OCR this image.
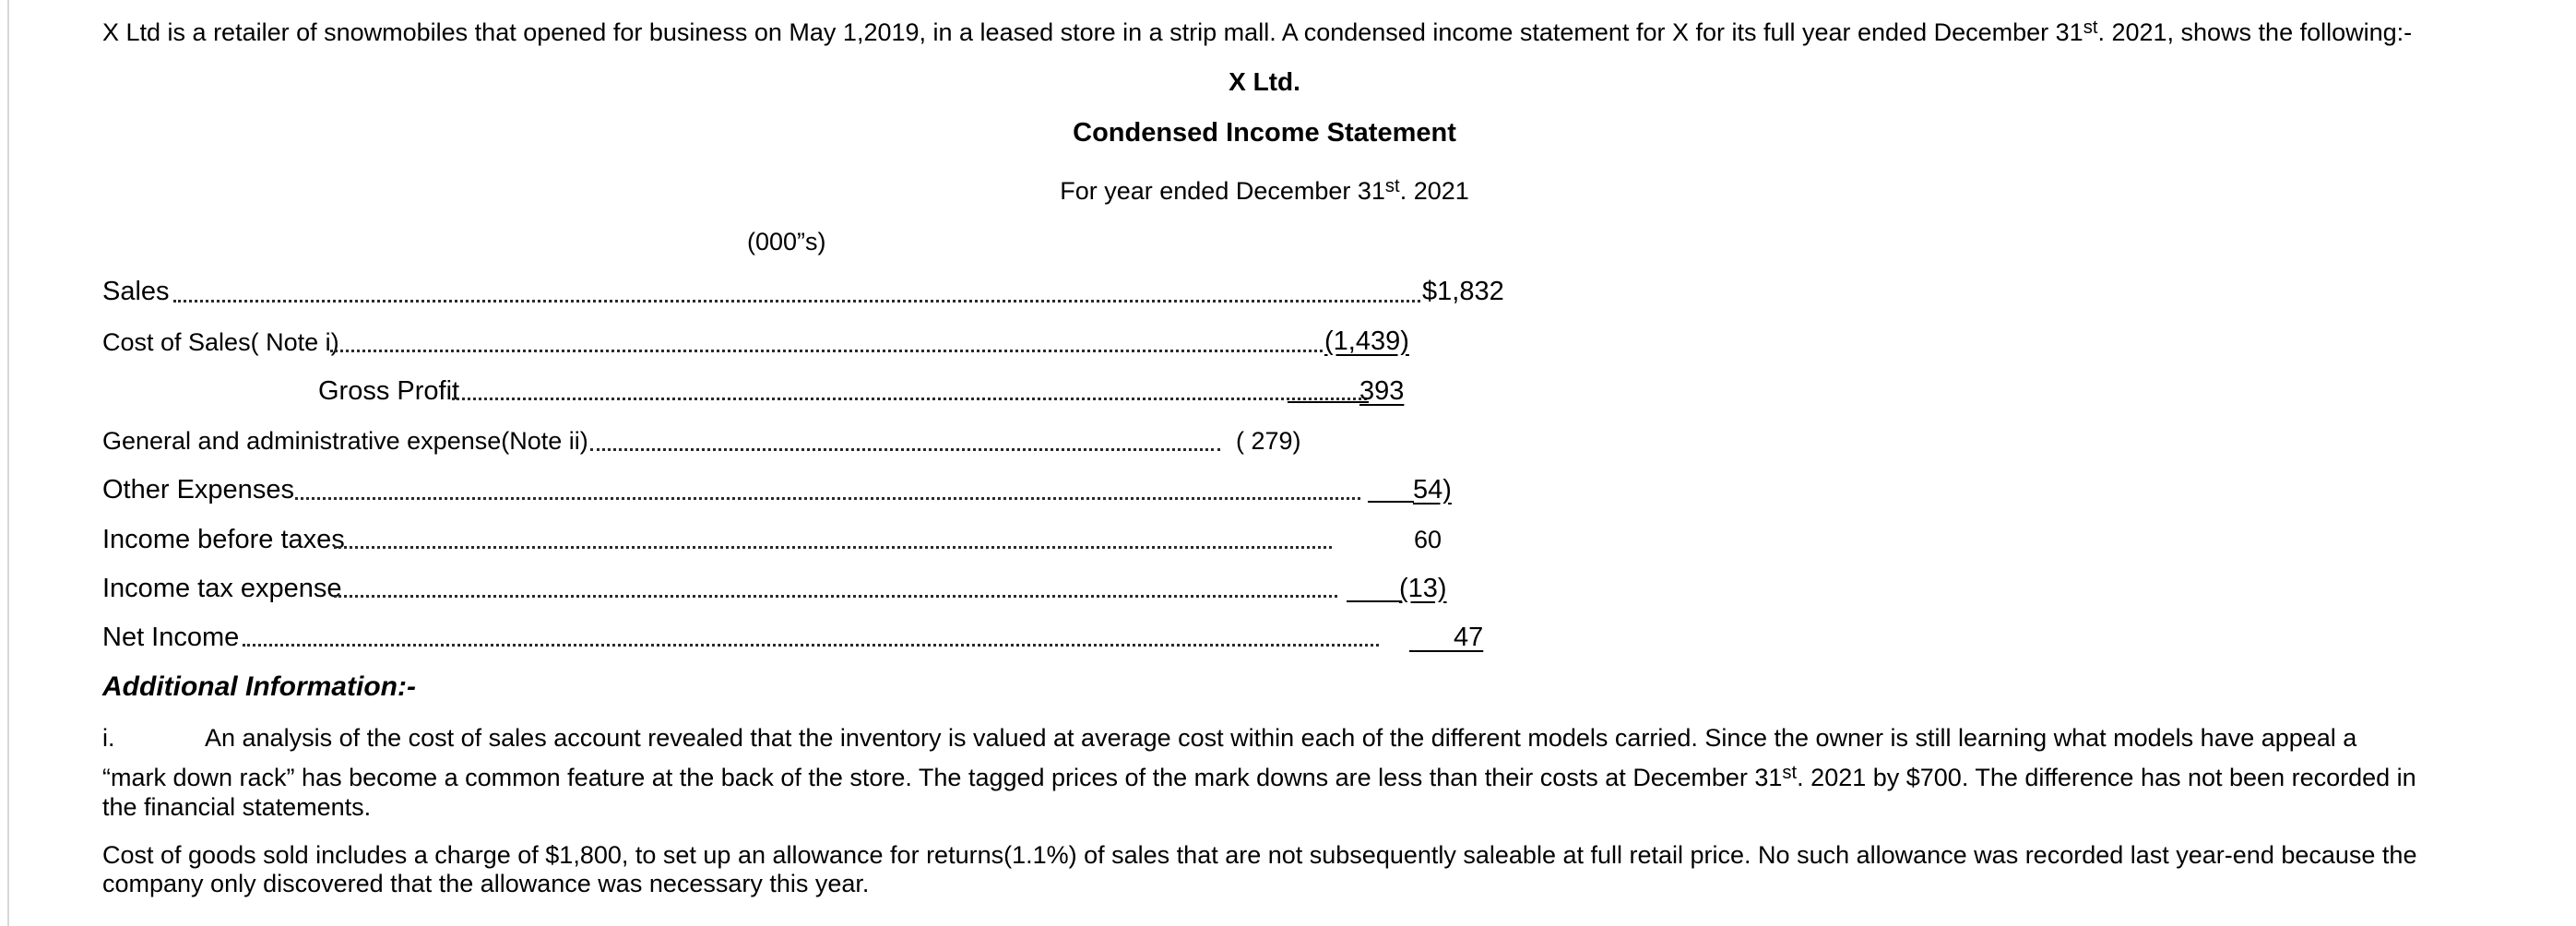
X Ltd is a retailer of snowmobiles that opened for business on May 1,2019, in a leased store in a strip mall. A condensed income statement for X for its full year ended December 31st. 2021, shows the following:-
X Ltd.
Condensed Income Statement
For year ended December 31st. 2021
(000”s)
Sales	$1,832
Cost of Sales( Note i)	(1,439)
Gross Profit	393
General and administrative expense(Note ii)	( 279)
Other Expenses	54)
Income before taxes	60
Income tax expense	(13)
Net Income	47
Additional Information:-
i.	An analysis of the cost of sales account revealed that the inventory is valued at average cost within each of the different models carried. Since the owner is still learning what models have appeal a
“mark down rack” has become a common feature at the back of the store. The tagged prices of the mark downs are less than their costs at December 31st. 2021 by $700. The difference has not been recorded in
the financial statements.
Cost of goods sold includes a charge of $1,800, to set up an allowance for returns(1.1%) of sales that are not subsequently saleable at full retail price. No such allowance was recorded last year-end because the
company only discovered that the allowance was necessary this year.
